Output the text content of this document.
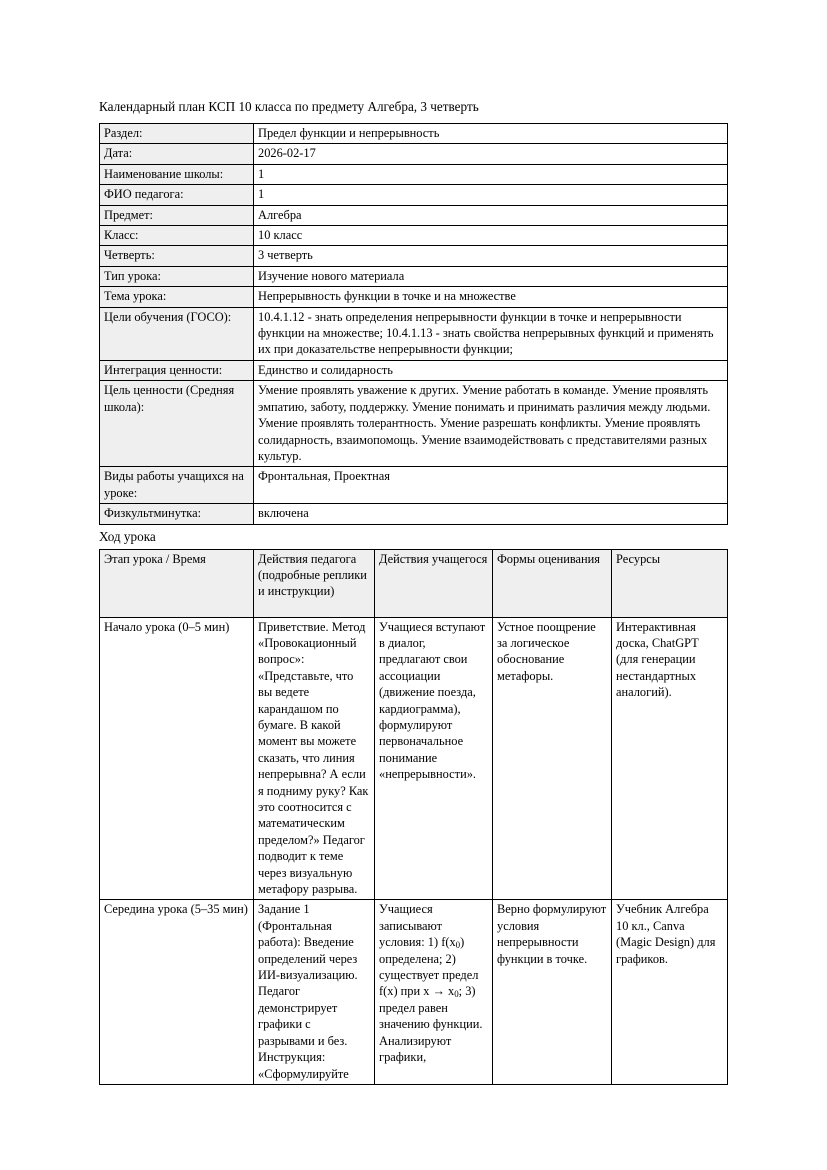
Календарный план КСП 10 класса по предмету Алгебра, 3 четверть

Раздел:	Предел функции и непрерывность
Дата:	2026-02-17
Наименование школы:	1
ФИО педагога:	1
Предмет:	Алгебра
Класс:	10 класс
Четверть:	3 четверть
Тип урока:	Изучение нового материала
Тема урока:	Непрерывность функции в точке и на множестве
Цели обучения (ГОСО):	10.4.1.12 - знать определения непрерывности функции в точке и непрерывности функции на множестве; 10.4.1.13 - знать свойства непрерывных функций и применять их при доказательстве непрерывности функции;
Интеграция ценности:	Единство и солидарность
Цель ценности (Средняя школа):	Умение проявлять уважение к других. Умение работать в команде. Умение проявлять эмпатию, заботу, поддержку. Умение понимать и принимать различия между людьми. Умение проявлять толерантность. Умение разрешать конфликты. Умение проявлять солидарность, взаимопомощь. Умение взаимодействовать с представителями разных культур.
Виды работы учащихся на уроке:	Фронтальная, Проектная
Физкультминутка:	включена

Ход урока

Этап урока / Время	Действия педагога (подробные реплики и инструкции)	Действия учащегося	Формы оценивания	Ресурсы
Начало урока (0–5 мин)	Приветствие. Метод «Провокационный вопрос»: «Представьте, что вы ведете карандашом по бумаге. В какой момент вы можете сказать, что линия непрерывна? А если я подниму руку? Как это соотносится с математическим пределом?» Педагог подводит к теме через визуальную метафору разрыва.	Учащиеся вступают в диалог, предлагают свои ассоциации (движение поезда, кардиограмма), формулируют первоначальное понимание «непрерывности».	Устное поощрение за логическое обоснование метафоры.	Интерактивная доска, ChatGPT (для генерации нестандартных аналогий).
Середина урока (5–35 мин)	Задание 1 (Фронтальная работа): Введение определений через ИИ-визуализацию. Педагог демонстрирует графики с разрывами и без. Инструкция: «Сформулируйте	Учащиеся записывают условия: 1) $f(x_0)$ определена; 2) существует предел f(x) при $x \to x_0$; 3) предел равен значению функции. Анализируют графики,	Верно формулируют условия непрерывности функции в точке.	Учебник Алгебра 10 кл., Canva (Magic Design) для графиков.
